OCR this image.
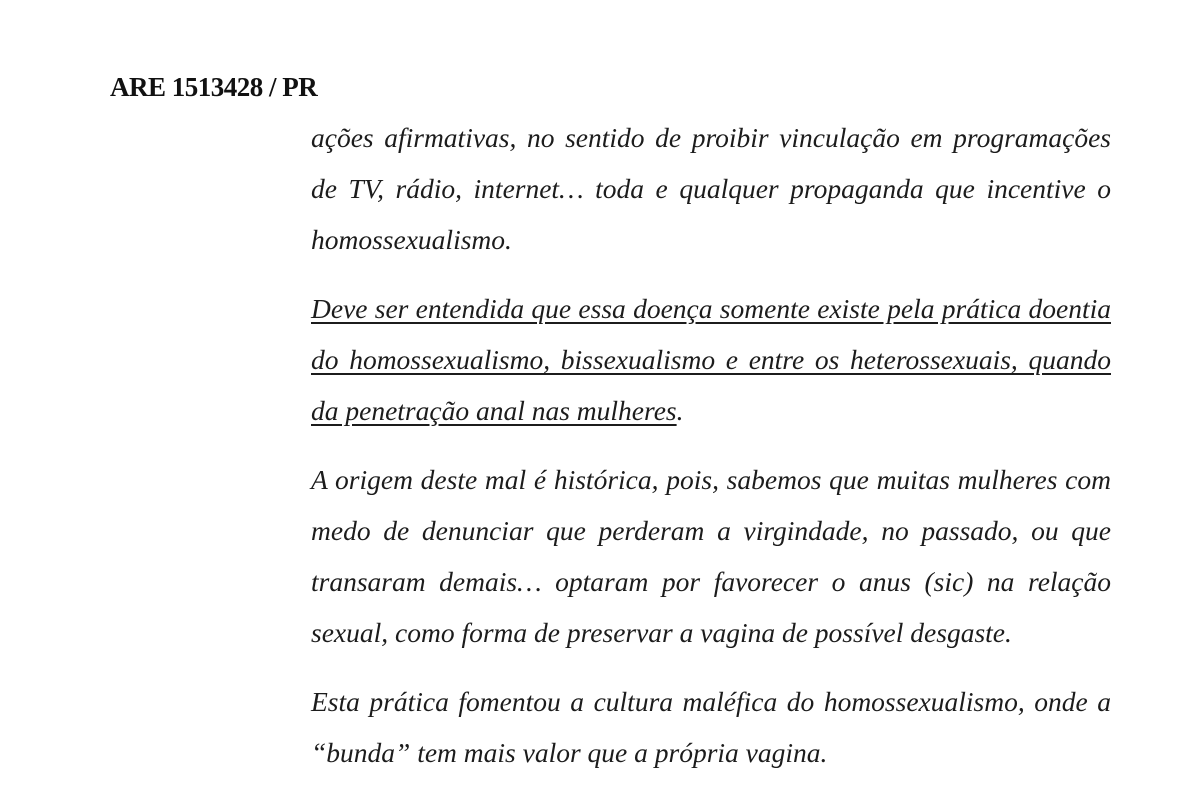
ARE 1513428 / PR

ações afirmativas, no sentido de proibir vinculação em programações de TV, rádio, internet… toda e qualquer propaganda que incentive o homossexualismo.

Deve ser entendida que essa doença somente existe pela prática doentia do homossexualismo, bissexualismo e entre os heterossexuais, quando da penetração anal nas mulheres.

A origem deste mal é histórica, pois, sabemos que muitas mulheres com medo de denunciar que perderam a virgindade, no passado, ou que transaram demais… optaram por favorecer o anus (sic) na relação sexual, como forma de preservar a vagina de possível desgaste.

Esta prática fomentou a cultura maléfica do homossexualismo, onde a “bunda” tem mais valor que a própria vagina.
